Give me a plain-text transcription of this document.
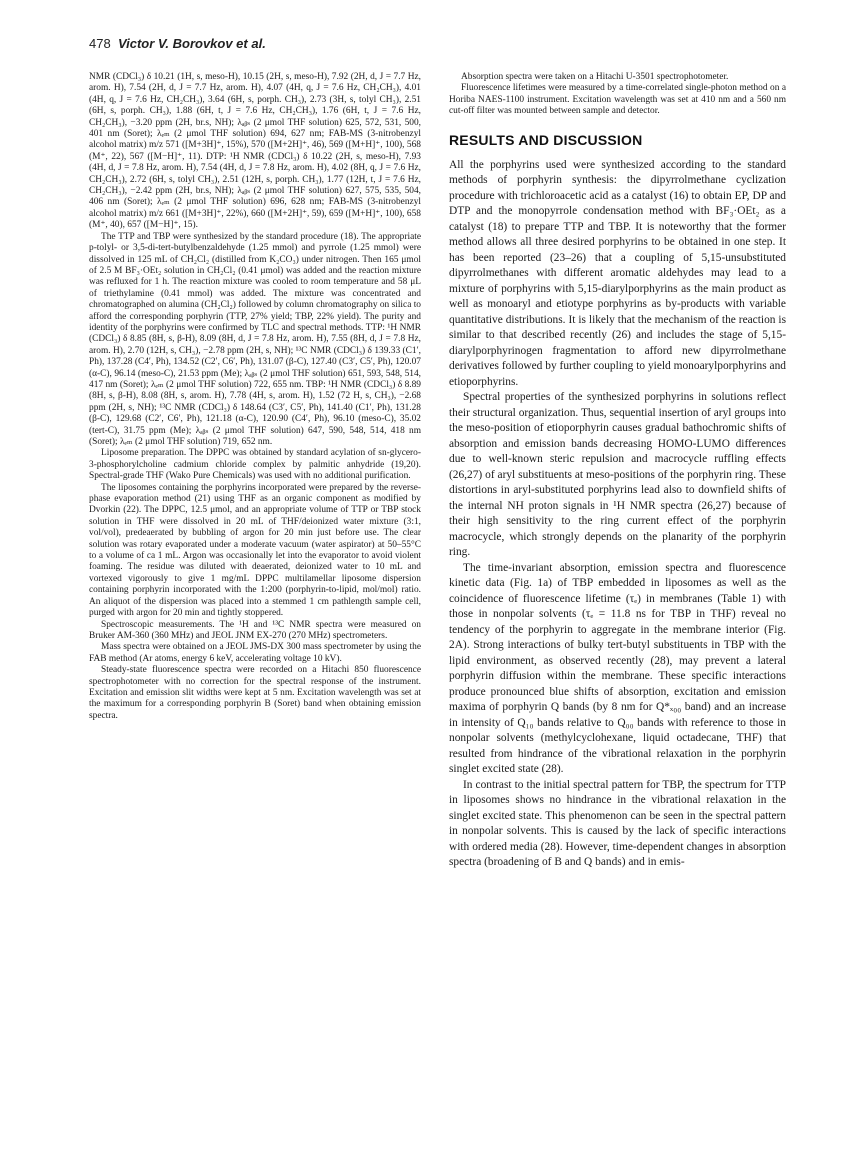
478 Victor V. Borovkov et al.

NMR (CDCl₃) δ 10.21 (1H, s, meso-H), 10.15 (2H, s, meso-H), 7.92 (2H, d, J = 7.7 Hz, arom. H), 7.54 (2H, d, J = 7.7 Hz, arom. H), 4.07 (4H, q, J = 7.6 Hz, CH₂CH₃), 4.01 (4H, q, J = 7.6 Hz, CH₂CH₃), 3.64 (6H, s, porph. CH₃), 2.73 (3H, s, tolyl CH₃), 2.51 (6H, s, porph. CH₃), 1.88 (6H, t, J = 7.6 Hz, CH₂CH₃), 1.76 (6H, t, J = 7.6 Hz, CH₂CH₃), −3.20 ppm (2H, br.s, NH); λₐᵦₛ (2 μmol THF solution) 625, 572, 531, 500, 401 nm (Soret); λₑₘ (2 μmol THF solution) 694, 627 nm; FAB-MS (3-nitrobenzyl alcohol matrix) m/z 571 ([M+3H]⁺, 15%), 570 ([M+2H]⁺, 46), 569 ([M+H]⁺, 100), 568 (M⁺, 22), 567 ([M−H]⁺, 11). DTP: ¹H NMR (CDCl₃) δ 10.22 (2H, s, meso-H), 7.93 (4H, d, J = 7.8 Hz, arom. H), 7.54 (4H, d, J = 7.8 Hz, arom. H), 4.02 (8H, q, J = 7.6 Hz, CH₂CH₃), 2.72 (6H, s, tolyl CH₃), 2.51 (12H, s, porph. CH₃), 1.77 (12H, t, J = 7.6 Hz, CH₂CH₃), −2.42 ppm (2H, br.s, NH); λₐᵦₛ (2 μmol THF solution) 627, 575, 535, 504, 406 nm (Soret); λₑₘ (2 μmol THF solution) 696, 628 nm; FAB-MS (3-nitrobenzyl alcohol matrix) m/z 661 ([M+3H]⁺, 22%), 660 ([M+2H]⁺, 59), 659 ([M+H]⁺, 100), 658 (M⁺, 40), 657 ([M−H]⁺, 15).

The TTP and TBP were synthesized by the standard procedure (18). The appropriate p-tolyl- or 3,5-di-tert-butylbenzaldehyde (1.25 mmol) and pyrrole (1.25 mmol) were dissolved in 125 mL of CH₂Cl₂ (distilled from K₂CO₃) under nitrogen. Then 165 μmol of 2.5 M BF₃·OEt₂ solution in CH₂Cl₂ (0.41 μmol) was added and the reaction mixture was refluxed for 1 h. The reaction mixture was cooled to room temperature and 58 μL of triethylamine (0.41 mmol) was added. The mixture was concentrated and chromatographed on alumina (CH₂Cl₂) followed by column chromatography on silica to afford the corresponding porphyrin (TTP, 27% yield; TBP, 22% yield). The purity and identity of the porphyrins were confirmed by TLC and spectral methods. TTP: ¹H NMR (CDCl₃) δ 8.85 (8H, s, β-H), 8.09 (8H, d, J = 7.8 Hz, arom. H), 7.55 (8H, d, J = 7.8 Hz, arom. H), 2.70 (12H, s, CH₃), −2.78 ppm (2H, s, NH); ¹³C NMR (CDCl₃) δ 139.33 (C1′, Ph), 137.28 (C4′, Ph), 134.52 (C2′, C6′, Ph), 131.07 (β-C), 127.40 (C3′, C5′, Ph), 120.07 (α-C), 96.14 (meso-C), 21.53 ppm (Me); λₐᵦₛ (2 μmol THF solution) 651, 593, 548, 514, 417 nm (Soret); λₑₘ (2 μmol THF solution) 722, 655 nm. TBP: ¹H NMR (CDCl₃) δ 8.89 (8H, s, β-H), 8.08 (8H, s, arom. H), 7.78 (4H, s, arom. H), 1.52 (72 H, s, CH₃), −2.68 ppm (2H, s, NH); ¹³C NMR (CDCl₃) δ 148.64 (C3′, C5′, Ph), 141.40 (C1′, Ph), 131.28 (β-C), 129.68 (C2′, C6′, Ph), 121.18 (α-C), 120.90 (C4′, Ph), 96.10 (meso-C), 35.02 (tert-C), 31.75 ppm (Me); λₐᵦₛ (2 μmol THF solution) 647, 590, 548, 514, 418 nm (Soret); λₑₘ (2 μmol THF solution) 719, 652 nm.

Liposome preparation. The DPPC was obtained by standard acylation of sn-glycero-3-phosphorylcholine cadmium chloride complex by palmitic anhydride (19,20). Spectral-grade THF (Wako Pure Chemicals) was used with no additional purification.

The liposomes containing the porphyrins incorporated were prepared by the reverse-phase evaporation method (21) using THF as an organic component as modified by Dvorkin (22). The DPPC, 12.5 μmol, and an appropriate volume of TTP or TBP stock solution in THF were dissolved in 20 mL of THF/deionized water mixture (3:1, vol/vol), predeaerated by bubbling of argon for 20 min just before use. The clear solution was rotary evaporated under a moderate vacuum (water aspirator) at 50–55°C to a volume of ca 1 mL. Argon was occasionally let into the evaporator to avoid violent foaming. The residue was diluted with deaerated, deionized water to 10 mL and vortexed vigorously to give 1 mg/mL DPPC multilamellar liposome dispersion containing porphyrin incorporated with the 1:200 (porphyrin-to-lipid, mol/mol) ratio. An aliquot of the dispersion was placed into a stemmed 1 cm pathlength sample cell, purged with argon for 20 min and tightly stoppered.

Spectroscopic measurements. The ¹H and ¹³C NMR spectra were measured on Bruker AM-360 (360 MHz) and JEOL JNM EX-270 (270 MHz) spectrometers.

Mass spectra were obtained on a JEOL JMS-DX 300 mass spectrometer by using the FAB method (Ar atoms, energy 6 keV, accelerating voltage 10 kV).

Steady-state fluorescence spectra were recorded on a Hitachi 850 fluorescence spectrophotometer with no correction for the spectral response of the instrument. Excitation and emission slit widths were kept at 5 nm. Excitation wavelength was set at the maximum for a corresponding porphyrin B (Soret) band when obtaining emission spectra.

Absorption spectra were taken on a Hitachi U-3501 spectrophotometer.

Fluorescence lifetimes were measured by a time-correlated single-photon method on a Horiba NAES-1100 instrument. Excitation wavelength was set at 410 nm and a 560 nm cut-off filter was mounted between sample and detector.

RESULTS AND DISCUSSION

All the porphyrins used were synthesized according to the standard methods of porphyrin synthesis: the dipyrrolmethane cyclization procedure with trichloroacetic acid as a catalyst (16) to obtain EP, DP and DTP and the monopyrrole condensation method with BF₃·OEt₂ as a catalyst (18) to prepare TTP and TBP. It is noteworthy that the former method allows all three desired porphyrins to be obtained in one step. It has been reported (23–26) that a coupling of 5,15-unsubstituted dipyrrolmethanes with different aromatic aldehydes may lead to a mixture of porphyrins with 5,15-diarylporphyrins as the main product as well as monoaryl and etiotype porphyrins as by-products with variable quantitative distributions. It is likely that the mechanism of the reaction is similar to that described recently (26) and includes the stage of 5,15-diarylporphyrinogen fragmentation to afford new dipyrrolmethane derivatives followed by further coupling to yield monoarylporphyrins and etioporphyrins.

Spectral properties of the synthesized porphyrins in solutions reflect their structural organization. Thus, sequential insertion of aryl groups into the meso-position of etioporphyrin causes gradual bathochromic shifts of absorption and emission bands decreasing HOMO-LUMO differences due to well-known steric repulsion and macrocycle ruffling effects (26,27) of aryl substituents at meso-positions of the porphyrin ring. These distortions in aryl-substituted porphyrins lead also to downfield shifts of the internal NH proton signals in ¹H NMR spectra (26,27) because of their high sensitivity to the ring current effect of the porphyrin macrocycle, which strongly depends on the planarity of the porphyrin ring.

The time-invariant absorption, emission spectra and fluorescence kinetic data (Fig. 1a) of TBP embedded in liposomes as well as the coincidence of fluorescence lifetime (τₑ) in membranes (Table 1) with those in nonpolar solvents (τₑ = 11.8 ns for TBP in THF) reveal no tendency of the porphyrin to aggregate in the membrane interior (Fig. 2A). Strong interactions of bulky tert-butyl substituents in TBP with the lipid environment, as observed recently (28), may prevent a lateral porphyrin diffusion within the membrane. These specific interactions produce pronounced blue shifts of absorption, excitation and emission maxima of porphyrin Q bands (by 8 nm for Q*ₓ₀₀ band) and an increase in intensity of Q₁₀ bands relative to Q₀₀ bands with reference to those in nonpolar solvents (methylcyclohexane, liquid octadecane, THF) that resulted from hindrance of the vibrational relaxation in the porphyrin singlet excited state (28).

In contrast to the initial spectral pattern for TBP, the spectrum for TTP in liposomes shows no hindrance in the vibrational relaxation in the singlet excited state. This phenomenon can be seen in the spectral pattern in nonpolar solvents. This is caused by the lack of specific interactions with ordered media (28). However, time-dependent changes in absorption spectra (broadening of B and Q bands) and in emis-
